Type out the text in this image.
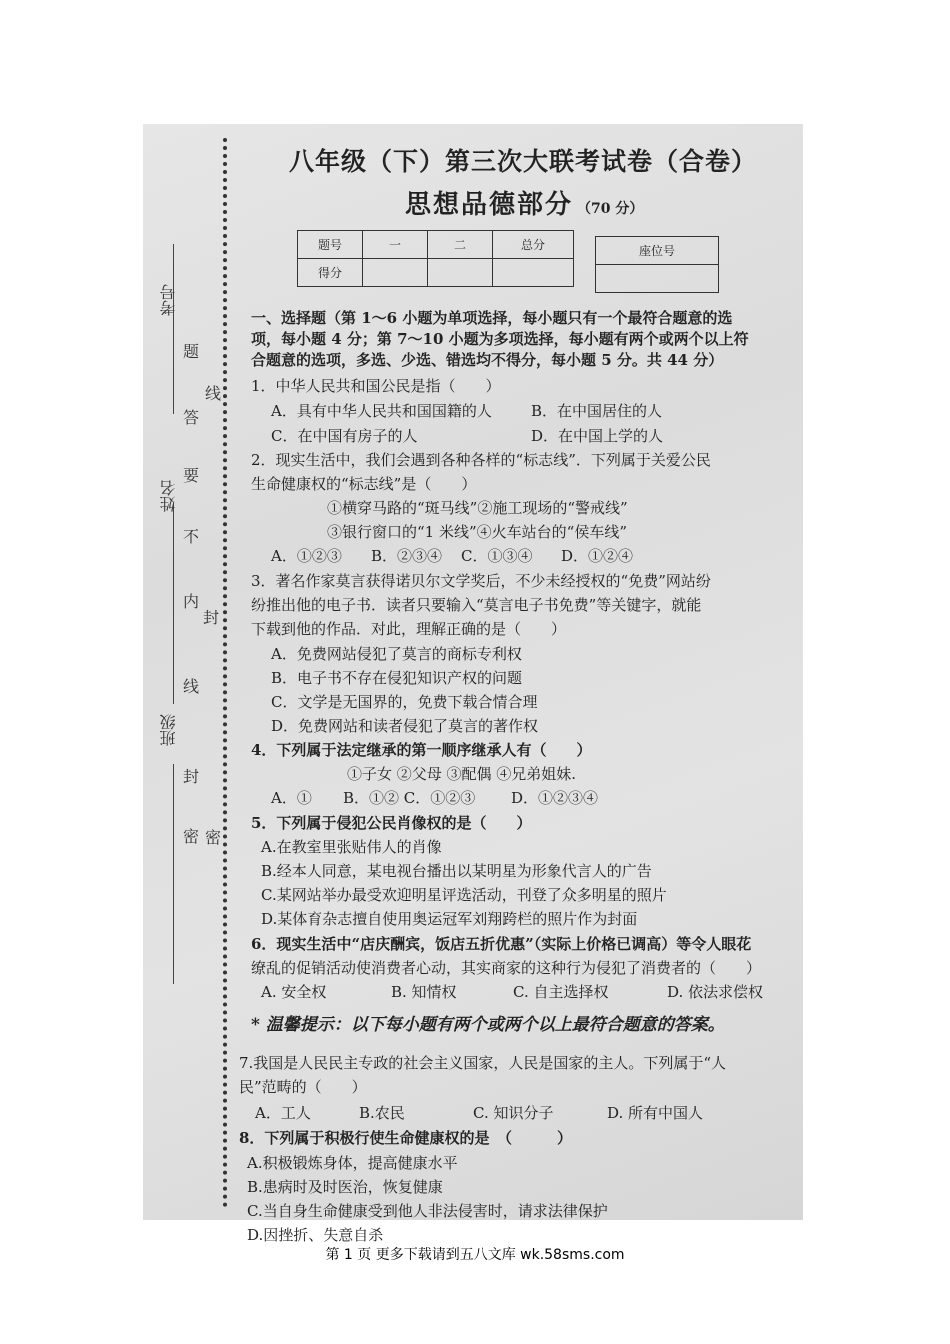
考号
姓名
班级
题
答
要
不
内
封
线
封
密
线
密
八年级（下）第三次大联考试卷（合卷）
思想品德部分 （70 分）
题号	一	二	总分
得分			
座位号

一、选择题（第 1～6 小题为单项选择，每小题只有一个最符合题意的选
项，每小题 4 分；第 7～10 小题为多项选择，每小题有两个或两个以上符
合题意的选项，多选、少选、错选均不得分，每小题 5 分。共 44 分）
1．中华人民共和国公民是指（　　）
A．具有中华人民共和国国籍的人	B．在中国居住的人
C．在中国有房子的人	D．在中国上学的人
2．现实生活中，我们会遇到各种各样的“标志线”．下列属于关爱公民
生命健康权的“标志线”是（　　）
①横穿马路的“斑马线”②施工现场的“警戒线”
③银行窗口的“1 米线”④火车站台的“侯车线”
A．①②③ B．②③④ C．①③④ D．①②④
3．著名作家莫言获得诺贝尔文学奖后，不少未经授权的“免费”网站纷
纷推出他的电子书．读者只要输入“莫言电子书免费”等关键字，就能
下载到他的作品．对此，理解正确的是（　　）
A．免费网站侵犯了莫言的商标专利权
B．电子书不存在侵犯知识产权的问题
C．文学是无国界的，免费下载合情合理
D．免费网站和读者侵犯了莫言的著作权
4．下列属于法定继承的第一顺序继承人有（　　）
①子女 ②父母 ③配偶 ④兄弟姐妹.
A．① B．①② C．①②③ D．①②③④
5．下列属于侵犯公民肖像权的是（　　）
A.在教室里张贴伟人的肖像
B.经本人同意，某电视台播出以某明星为形象代言人的广告
C.某网站举办最受欢迎明星评选活动，刊登了众多明星的照片
D.某体育杂志擅自使用奥运冠军刘翔跨栏的照片作为封面
6．现实生活中“店庆酬宾，饭店五折优惠”（实际上价格已调高）等令人眼花
缭乱的促销活动使消费者心动，其实商家的这种行为侵犯了消费者的（　　）
A. 安全权	B. 知情权	C. 自主选择权	D. 依法求偿权
* 温馨提示：以下每小题有两个或两个以上最符合题意的答案。
7.我国是人民民主专政的社会主义国家，人民是国家的主人。下列属于“人
民”范畴的（　　）
A．工人	B.农民	C. 知识分子	D. 所有中国人
8．下列属于积极行使生命健康权的是　（　　　）
A.积极锻炼身体，提高健康水平
B.患病时及时医治，恢复健康
C.当自身生命健康受到他人非法侵害时，请求法律保护
D.因挫折、失意自杀
第 1 页 更多下载请到五八文库 wk.58sms.com
